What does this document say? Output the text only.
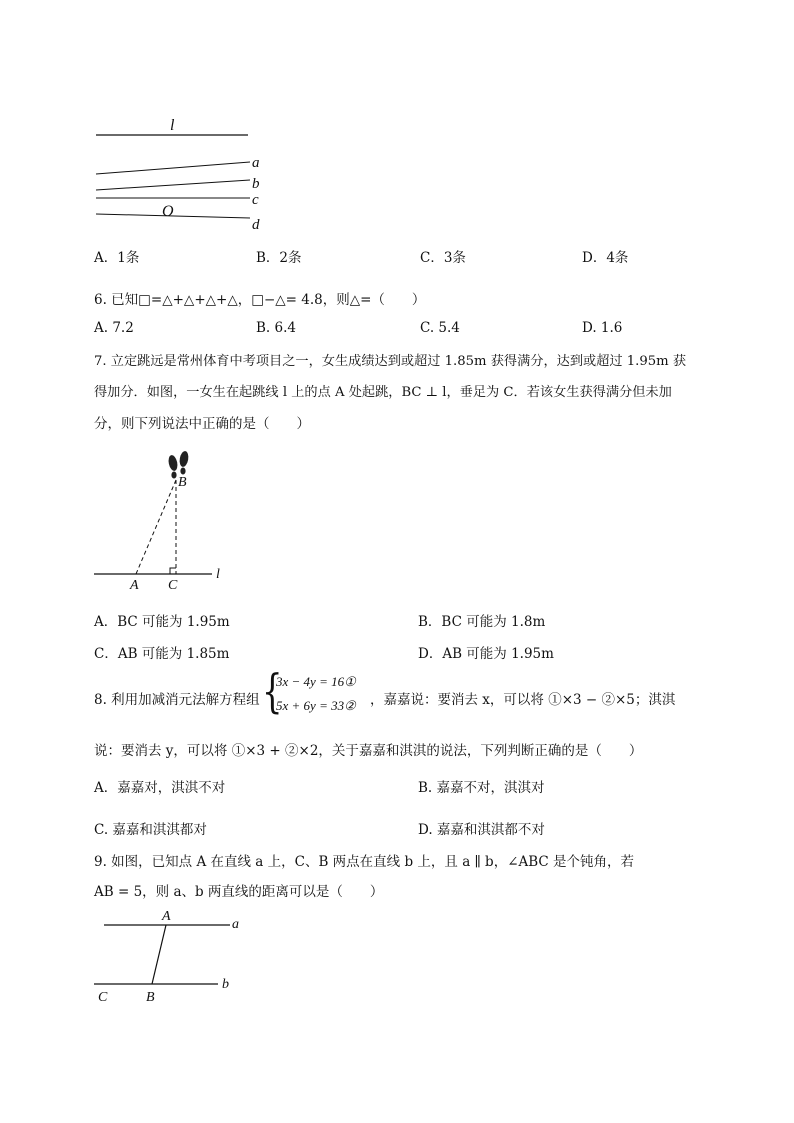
l
a
b
c
d
O
A．1条	B．2条	C．3条	D．4条
6. 已知□=△+△+△+△，□−△= 4.8，则△=（　　）
A. 7.2	B. 6.4	C. 5.4	D. 1.6
7. 立定跳远是常州体育中考项目之一，女生成绩达到或超过 1.85m 获得满分，达到或超过 1.95m 获
得加分．如图，一女生在起跳线 l 上的点 A 处起跳，BC ⊥ l，垂足为 C．若该女生获得满分但未加
分，则下列说法中正确的是（　　）
B
A C
l
A．BC 可能为 1.95m	B．BC 可能为 1.8m
C．AB 可能为 1.85m	D．AB 可能为 1.95m
8. 利用加减消元法解方程组 {
3x − 4y = 16①
5x + 6y = 33② ，嘉嘉说：要消去 x，可以将 ①×3 − ②×5；淇淇
说：要消去 y，可以将 ①×3 + ②×2，关于嘉嘉和淇淇的说法，下列判断正确的是（　　）
A．嘉嘉对，淇淇不对	B. 嘉嘉不对，淇淇对
C. 嘉嘉和淇淇都对	D. 嘉嘉和淇淇都不对
9. 如图，已知点 A 在直线 a 上，C、B 两点在直线 b 上，且 a ∥ b，∠ABC 是个钝角，若
AB = 5，则 a、b 两直线的距离可以是（　　）
A
a
b
C	B
